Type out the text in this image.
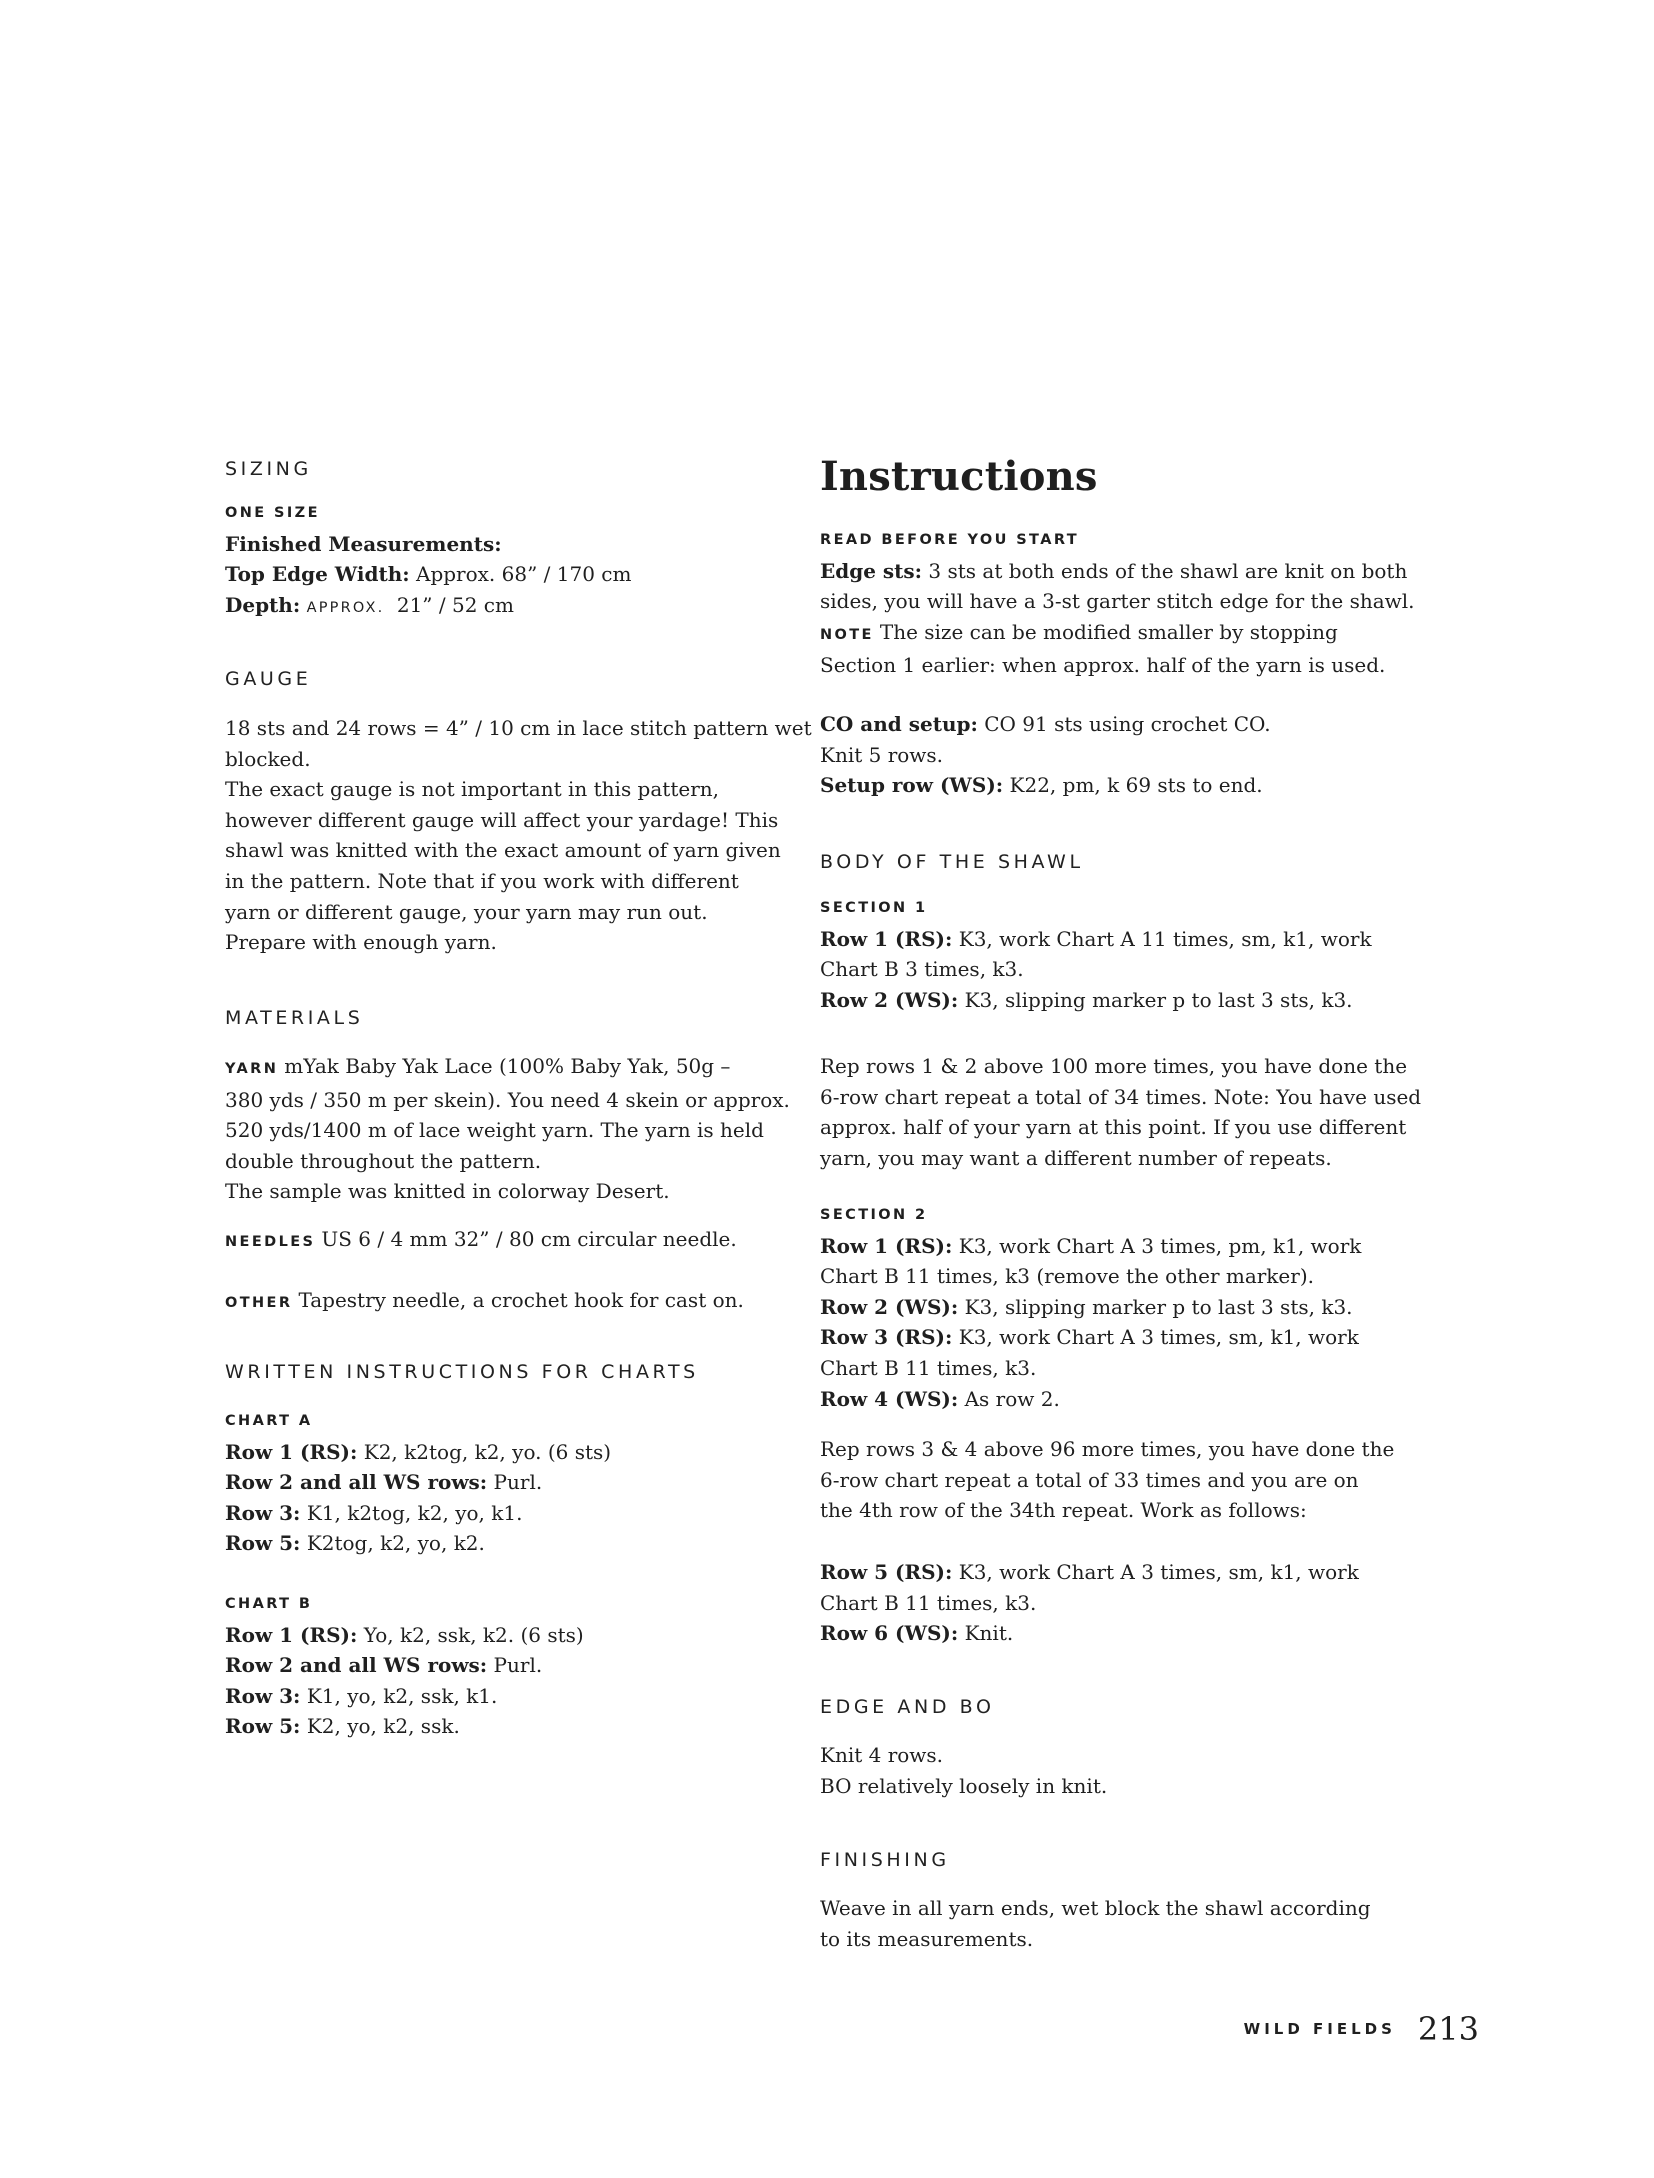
SIZING
ONE SIZE
Finished Measurements:
Top Edge Width: Approx. 68” / 170 cm
Depth: APPROX. 21” / 52 cm
GAUGE
18 sts and 24 rows = 4” / 10 cm in lace stitch pattern wet
blocked.
The exact gauge is not important in this pattern,
however different gauge will affect your yardage! This
shawl was knitted with the exact amount of yarn given
in the pattern. Note that if you work with different
yarn or different gauge, your yarn may run out.
Prepare with enough yarn.
MATERIALS
YARN mYak Baby Yak Lace (100% Baby Yak, 50g –
380 yds / 350 m per skein). You need 4 skein or approx.
520 yds/1400 m of lace weight yarn. The yarn is held
double throughout the pattern.
The sample was knitted in colorway Desert.
NEEDLES US 6 / 4 mm 32” / 80 cm circular needle.
OTHER Tapestry needle, a crochet hook for cast on.
WRITTEN INSTRUCTIONS FOR CHARTS
CHART A
Row 1 (RS): K2, k2tog, k2, yo. (6 sts)
Row 2 and all WS rows: Purl.
Row 3: K1, k2tog, k2, yo, k1.
Row 5: K2tog, k2, yo, k2.
CHART B
Row 1 (RS): Yo, k2, ssk, k2. (6 sts)
Row 2 and all WS rows: Purl.
Row 3: K1, yo, k2, ssk, k1.
Row 5: K2, yo, k2, ssk.
Instructions
READ BEFORE YOU START
Edge sts: 3 sts at both ends of the shawl are knit on both
sides, you will have a 3-st garter stitch edge for the shawl.
NOTE The size can be modified smaller by stopping
Section 1 earlier: when approx. half of the yarn is used.
CO and setup: CO 91 sts using crochet CO.
Knit 5 rows.
Setup row (WS): K22, pm, k 69 sts to end.
BODY OF THE SHAWL
SECTION 1
Row 1 (RS): K3, work Chart A 11 times, sm, k1, work
Chart B 3 times, k3.
Row 2 (WS): K3, slipping marker p to last 3 sts, k3.
Rep rows 1 & 2 above 100 more times, you have done the
6-row chart repeat a total of 34 times. Note: You have used
approx. half of your yarn at this point. If you use different
yarn, you may want a different number of repeats.
SECTION 2
Row 1 (RS): K3, work Chart A 3 times, pm, k1, work
Chart B 11 times, k3 (remove the other marker).
Row 2 (WS): K3, slipping marker p to last 3 sts, k3.
Row 3 (RS): K3, work Chart A 3 times, sm, k1, work
Chart B 11 times, k3.
Row 4 (WS): As row 2.
Rep rows 3 & 4 above 96 more times, you have done the
6-row chart repeat a total of 33 times and you are on
the 4th row of the 34th repeat. Work as follows:
Row 5 (RS): K3, work Chart A 3 times, sm, k1, work
Chart B 11 times, k3.
Row 6 (WS): Knit.
EDGE AND BO
Knit 4 rows.
BO relatively loosely in knit.
FINISHING
Weave in all yarn ends, wet block the shawl according
to its measurements.
WILD FIELDS 213
